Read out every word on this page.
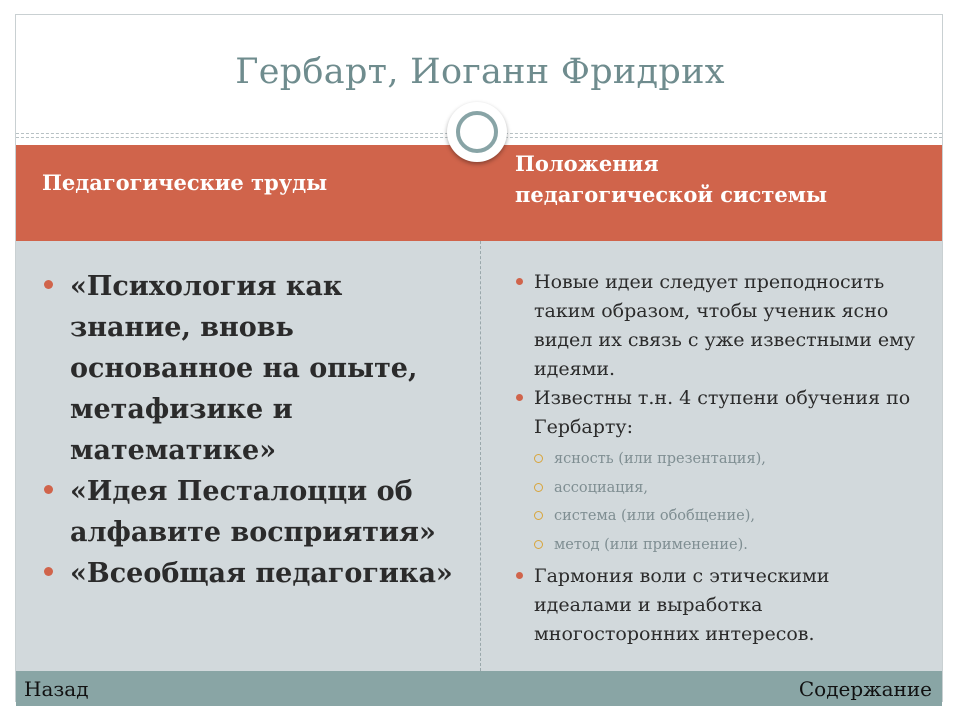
Гербарт, Иоганн Фридрих
Педагогические труды
Положения
педагогической системы
«Психология как знание, вновь основанное на опыте, метафизике и математике»
«Идея Песталоцци об алфавите восприятия»
«Всеобщая педагогика»
Новые идеи следует преподносить таким образом, чтобы ученик ясно видел их связь с уже известными ему идеями.
Известны т.н. 4 ступени обучения по Гербарту:
ясность (или презентация),
ассоциация,
система (или обобщение),
метод (или применение).
Гармония воли с этическими идеалами и выработка многосторонних интересов.
Назад	Содержание
